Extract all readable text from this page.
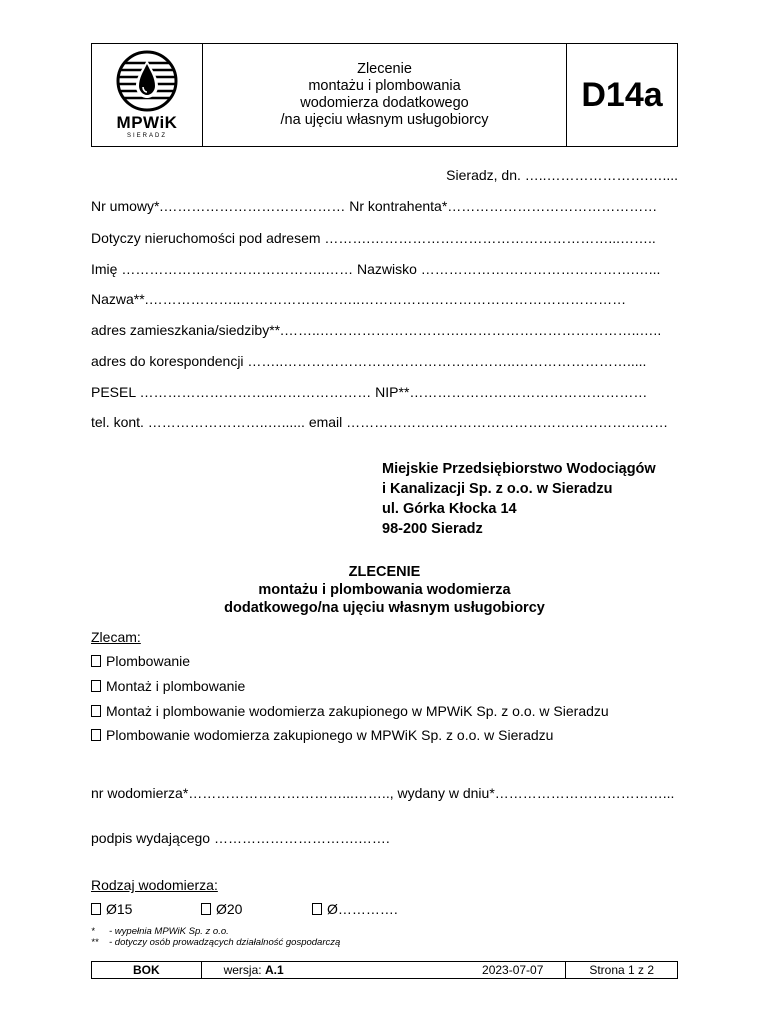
MPWiK
SIERADZ
Zlecenie
montażu i plombowania
wodomierza dodatkowego
/na ujęciu własnym usługobiorcy
D14a
Sieradz, dn. …..………………….…....
Nr umowy*.………………………………… Nr kontrahenta*………………………………………
Dotyczy nieruchomości pod adresem ……….……………………………………………...……..
Imię ……………………………………..…… Nazwisko ……………………………………….…...
Nazwa**.………………..……………………..…………………………………………………
adres zamieszkania/siedziby**.……..………………………….………………………………..…..
adres do korespondencji ……..…………………………………………..…………………….....
PESEL ………………………..………………… NIP**……………………………………………
tel. kont. ……………………..…...... email ……………………………………………………………
Miejskie Przedsiębiorstwo Wodociągów
i Kanalizacji Sp. z o.o. w Sieradzu
ul. Górka Kłocka 14
98-200 Sieradz
ZLECENIE
montażu i plombowania wodomierza
dodatkowego/na ujęciu własnym usługobiorcy
Zlecam:
Plombowanie
Montaż i plombowanie
Montaż i plombowanie wodomierza zakupionego w MPWiK Sp. z o.o. w Sieradzu
Plombowanie wodomierza zakupionego w MPWiK Sp. z o.o. w Sieradzu
nr wodomierza*……………………………...…….., wydany w dniu*………………………………...
podpis wydającego ………………………….…….
Rodzaj wodomierza:
Ø15	Ø20	Ø………….
* - wypełnia MPWiK Sp. z o.o.
** - dotyczy osób prowadzących działalność gospodarczą
BOK	wersja: A.1	2023-07-07	Strona 1 z 2
